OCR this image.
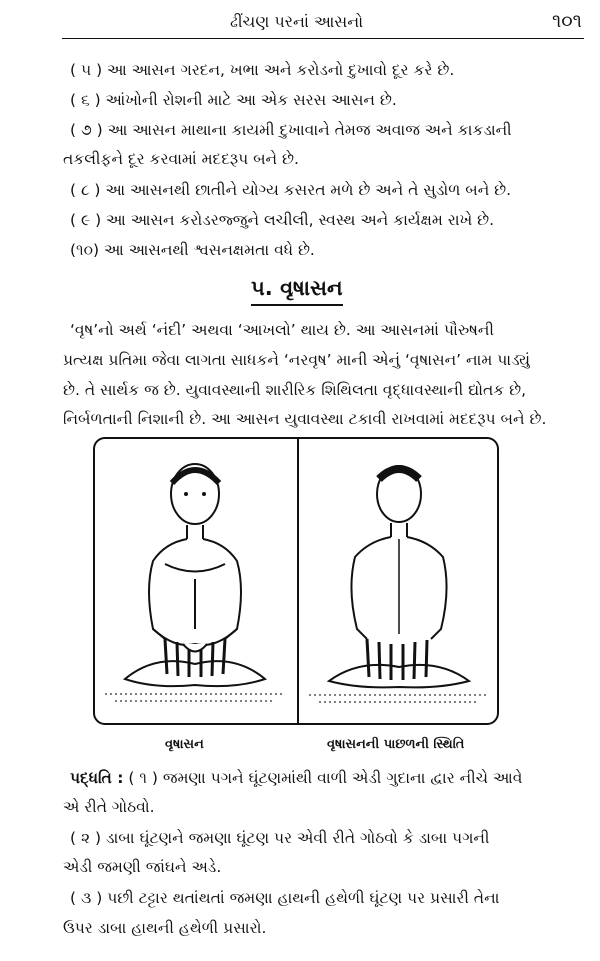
ઢીંચણ પરનાં આસનો	૧૦૧
( ૫ ) આ આસન ગરદન, ખભા અને કરોડનો દુખાવો દૂર કરે છે.
( ૬ ) આંખોની રોશની માટે આ એક સરસ આસન છે.
( ૭ ) આ આસન માથાના કાયમી દુખાવાને તેમજ અવાજ અને કાકડાની
તકલીફને દૂર કરવામાં મદદરૂપ બને છે.
( ૮ ) આ આસનથી છાતીને યોગ્ય કસરત મળે છે અને તે સુડોળ બને છે.
( ૯ ) આ આસન કરોડરજ્જુને લચીલી, સ્વસ્થ અને કાર્યક્ષમ રાખે છે.
(૧૦) આ આસનથી શ્વસનક્ષમતા વધે છે.
૫. વૃષાસન
‘વૃષ’નો અર્થ ‘નંદી’ અથવા ‘આખલો’ થાય છે. આ આસનમાં પૌરુષની
પ્રત્યક્ષ પ્રતિમા જેવા લાગતા સાધકને ‘નરવૃષ’ માની એનું ‘વૃષાસન’ નામ પાડ્યું
છે. તે સાર્થક જ છે. યુવાવસ્થાની શારીરિક શિથિલતા વૃદ્ધાવસ્થાની દ્યોતક છે,
નિર્બળતાની નિશાની છે. આ આસન યુવાવસ્થા ટકાવી રાખવામાં મદદરૂપ બને છે.
વૃષાસન	વૃષાસનની પાછળની સ્થિતિ
પદ્ધતિ : ( ૧ ) જમણા પગને ઘૂંટણમાંથી વાળી એડી ગુદાના દ્વાર નીચે આવે
એ રીતે ગોઠવો.
( ૨ ) ડાબા ઘૂંટણને જમણા ઘૂંટણ પર એવી રીતે ગોઠવો કે ડાબા પગની
એડી જમણી જાંઘને અડે.
( ૩ ) પછી ટટ્ટાર થતાંથતાં જમણા હાથની હથેળી ઘૂંટણ પર પ્રસારી તેના
ઉપર ડાબા હાથની હથેળી પ્રસારો.
